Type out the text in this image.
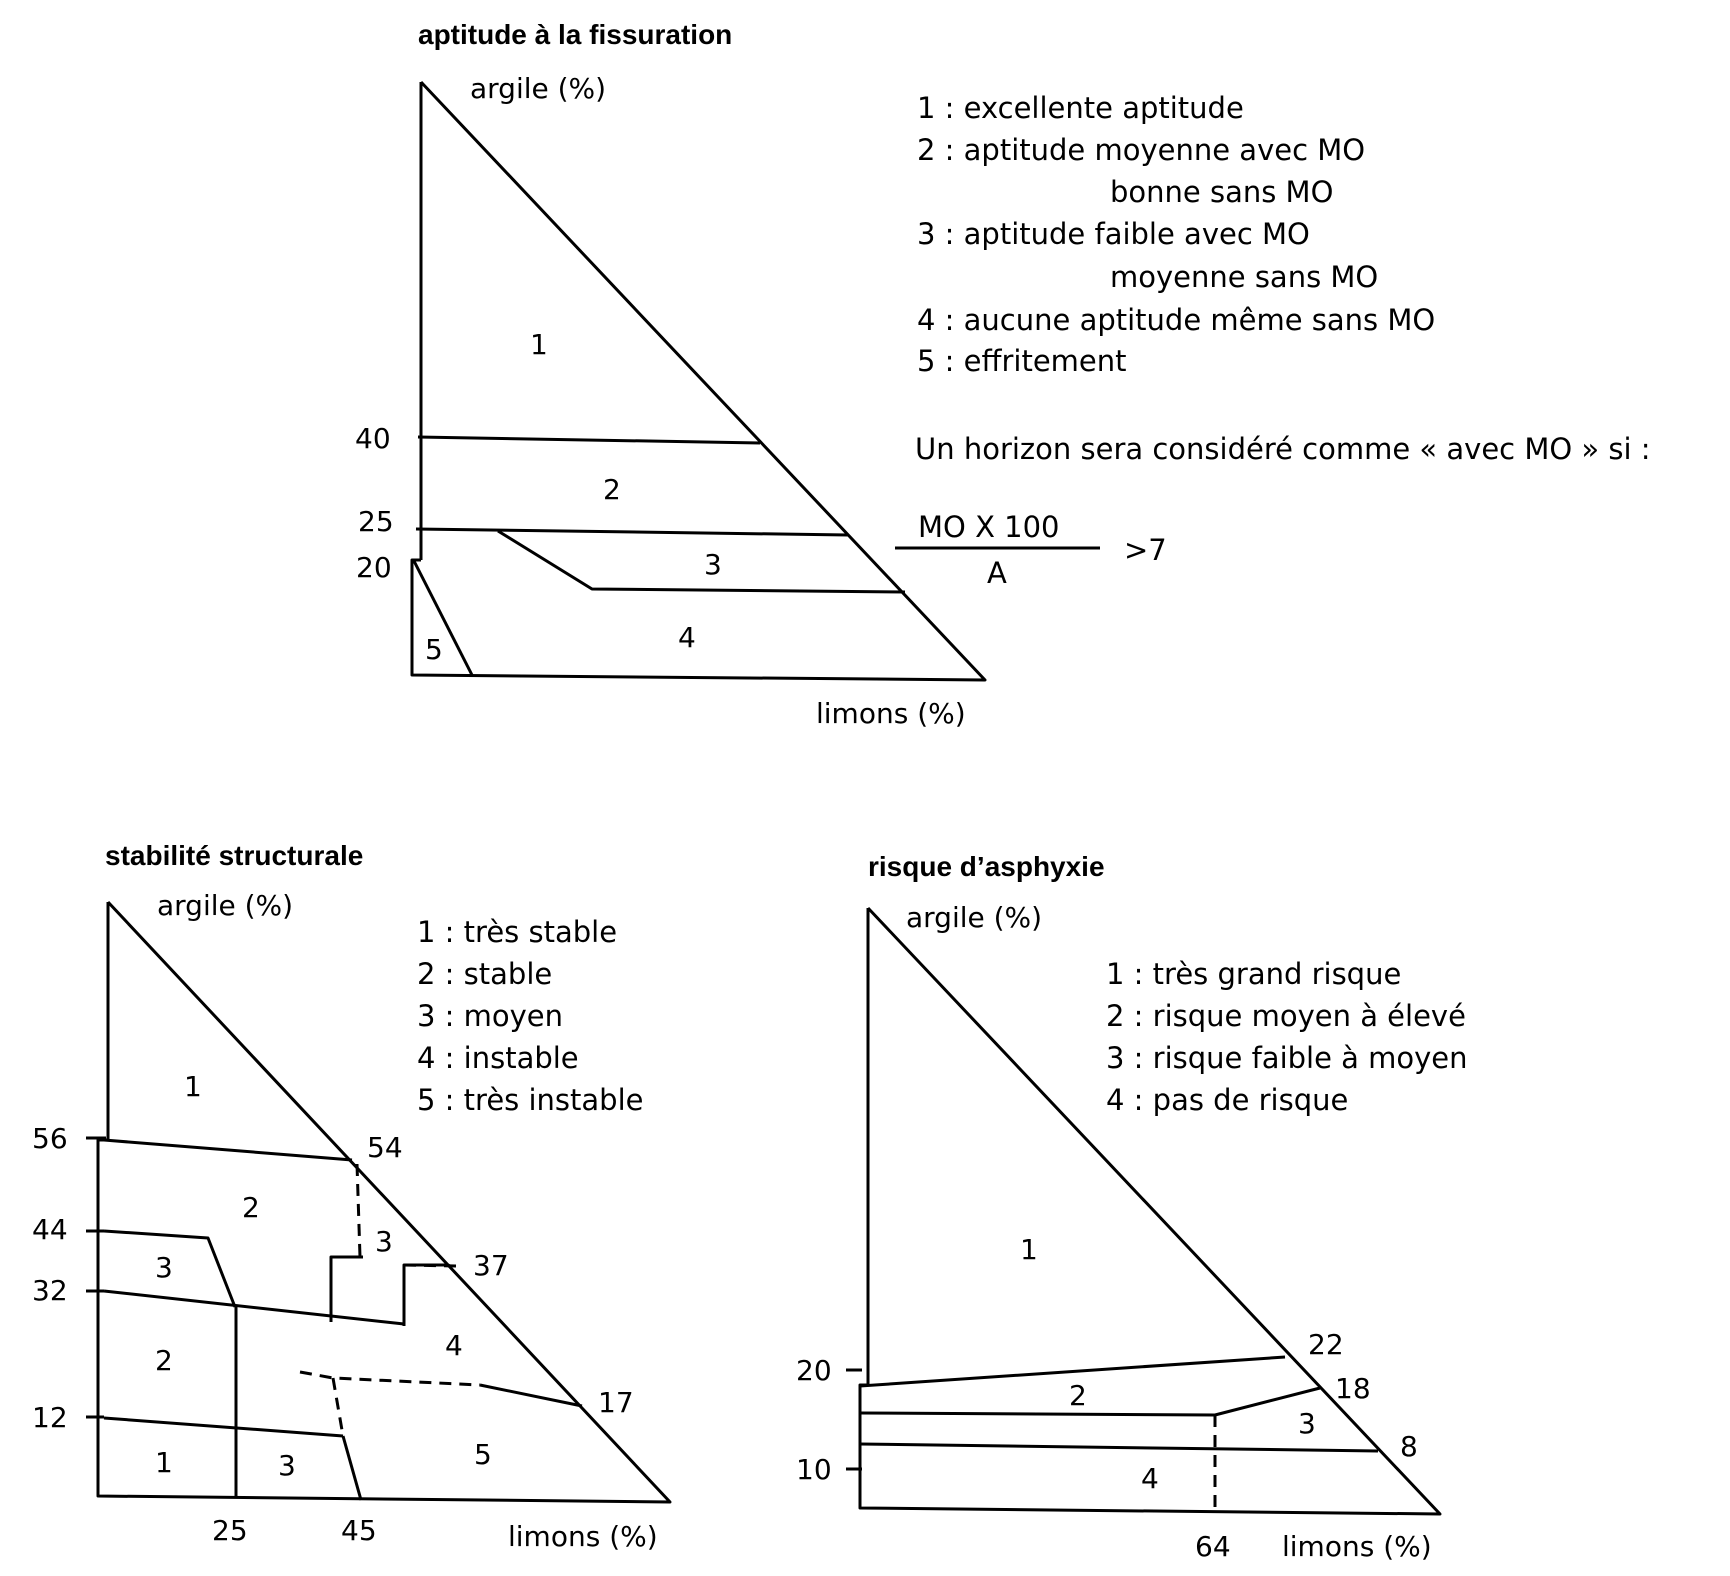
aptitude à la fissuration
argile (%)
limons (%)
40
25
20
1
2
3
4
5
1 : excellente aptitude
2 : aptitude moyenne avec MO
bonne sans MO
3 : aptitude faible avec MO
moyenne sans MO
4 : aucune aptitude même sans MO
5 : effritement
Un horizon sera considéré comme « avec MO » si :
MO X 100
A
>7
stabilité structurale
argile (%)
limons (%)
56
44
32
12
25	45
54
37
17
1
2
3
3
4
2
1	3	5
1 : très stable
2 : stable
3 : moyen
4 : instable
5 : très instable
risque d’asphyxie
argile (%)
limons (%)
20
10
64
22
18
8
1
2
3
4
1 : très grand risque
2 : risque moyen à élevé
3 : risque faible à moyen
4 : pas de risque
